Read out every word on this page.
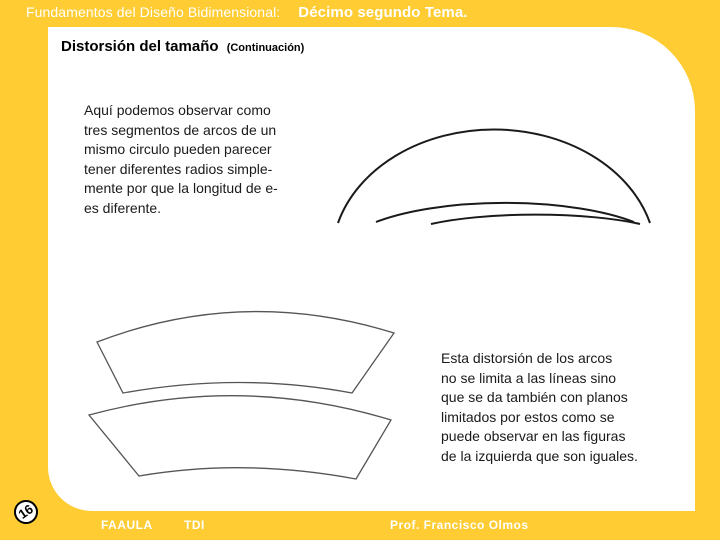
Fundamentos del Diseño Bidimensional: Décimo segundo Tema.
Distorsión del tamaño (Continuación)
Aquí podemos observar como
tres segmentos de arcos de un
mismo circulo pueden parecer
tener diferentes radios simple-
mente por que la longitud de e-
es diferente.
Esta distorsión de los arcos
no se limita a las líneas sino
que se da también con planos
limitados por estos como se
puede observar en las figuras
de la izquierda que son iguales.
16
FAAULA	TDI	Prof. Francisco Olmos
